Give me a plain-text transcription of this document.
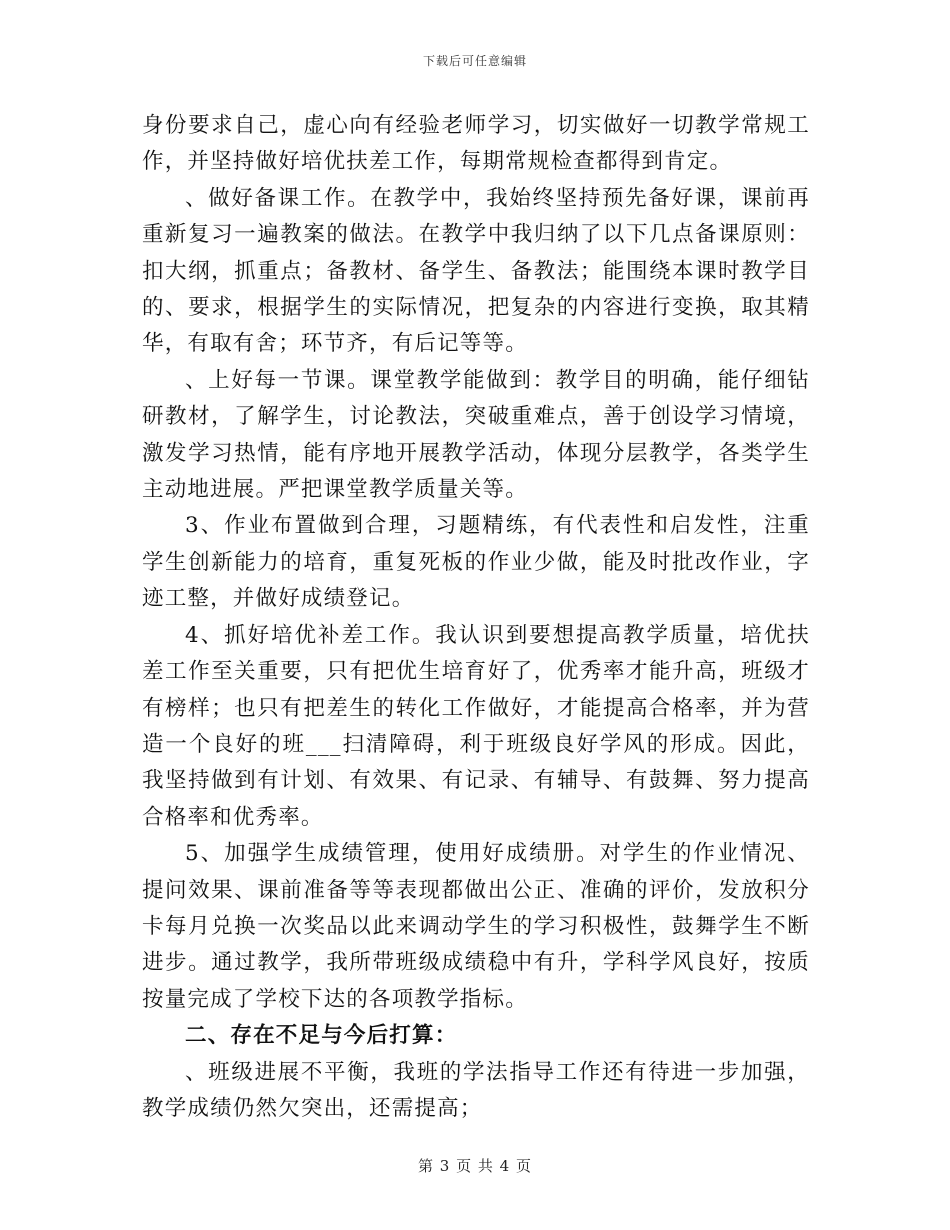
下载后可任意编辑

身份要求自己，虚心向有经验老师学习，切实做好一切教学常规工作，并坚持做好培优扶差工作，每期常规检查都得到肯定。

、做好备课工作。在教学中，我始终坚持预先备好课，课前再重新复习一遍教案的做法。在教学中我归纳了以下几点备课原则：扣大纲，抓重点；备教材、备学生、备教法；能围绕本课时教学目的、要求，根据学生的实际情况，把复杂的内容进行变换，取其精华，有取有舍；环节齐，有后记等等。

、上好每一节课。课堂教学能做到：教学目的明确，能仔细钻研教材，了解学生，讨论教法，突破重难点，善于创设学习情境，激发学习热情，能有序地开展教学活动，体现分层教学，各类学生主动地进展。严把课堂教学质量关等。

3、作业布置做到合理，习题精练，有代表性和启发性，注重学生创新能力的培育，重复死板的作业少做，能及时批改作业，字迹工整，并做好成绩登记。

4、抓好培优补差工作。我认识到要想提高教学质量，培优扶差工作至关重要，只有把优生培育好了，优秀率才能升高，班级才有榜样；也只有把差生的转化工作做好，才能提高合格率，并为营造一个良好的班___扫清障碍，利于班级良好学风的形成。因此，我坚持做到有计划、有效果、有记录、有辅导、有鼓舞、努力提高合格率和优秀率。

5、加强学生成绩管理，使用好成绩册。对学生的作业情况、提问效果、课前准备等等表现都做出公正、准确的评价，发放积分卡每月兑换一次奖品以此来调动学生的学习积极性，鼓舞学生不断进步。通过教学，我所带班级成绩稳中有升，学科学风良好，按质按量完成了学校下达的各项教学指标。

二、存在不足与今后打算：

、班级进展不平衡，我班的学法指导工作还有待进一步加强，教学成绩仍然欠突出，还需提高；

第 3 页 共 4 页
